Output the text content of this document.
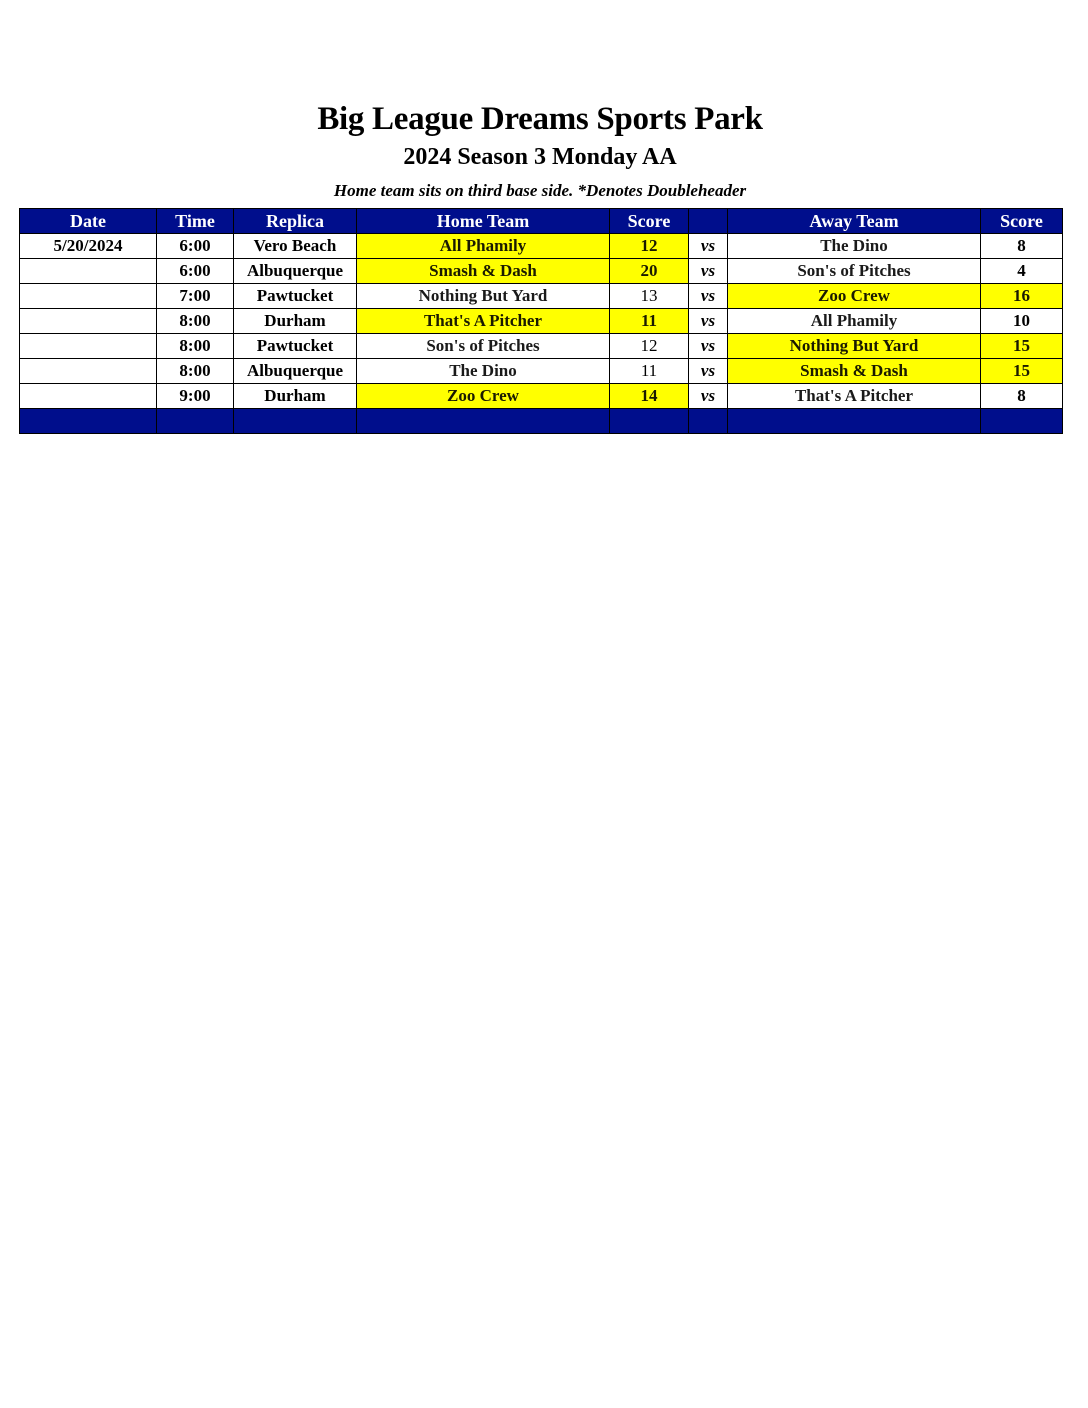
Big League Dreams Sports Park
2024 Season 3 Monday AA

Home team sits on third base side. *Denotes Doubleheader

Date	Time	Replica	Home Team	Score		Away Team	Score
5/20/2024	6:00	Vero Beach	All Phamily	12	vs	The Dino	8
	6:00	Albuquerque	Smash & Dash	20	vs	Son's of Pitches	4
	7:00	Pawtucket	Nothing But Yard	13	vs	Zoo Crew	16
	8:00	Durham	That's A Pitcher	11	vs	All Phamily	10
	8:00	Pawtucket	Son's of Pitches	12	vs	Nothing But Yard	15
	8:00	Albuquerque	The Dino	11	vs	Smash & Dash	15
	9:00	Durham	Zoo Crew	14	vs	That's A Pitcher	8
